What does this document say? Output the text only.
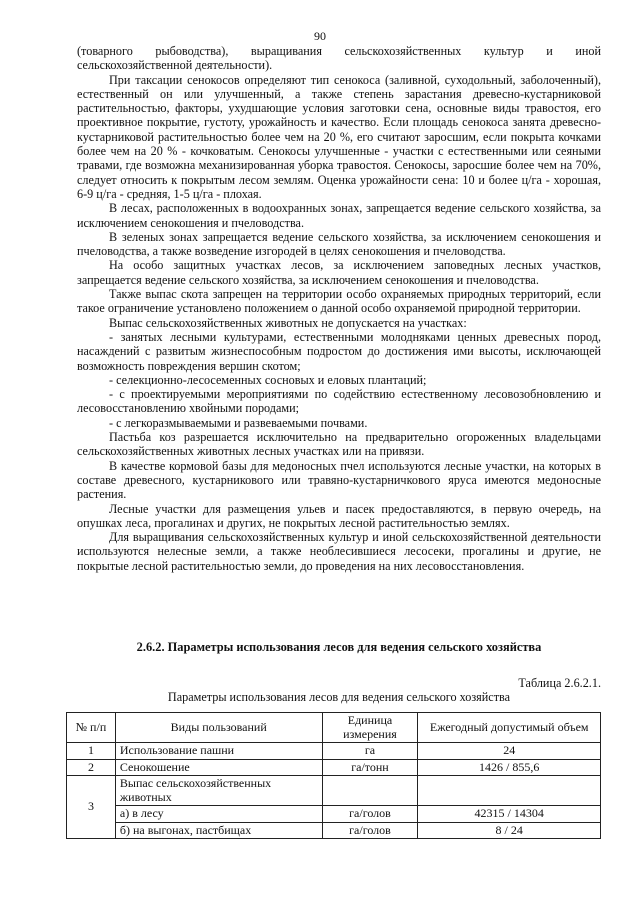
90

(товарного рыбоводства), выращивания сельскохозяйственных культур и иной сельскохозяйственной деятельности).

При таксации сенокосов определяют тип сенокоса (заливной, суходольный, заболоченный), естественный он или улучшенный, а также степень зарастания древесно-кустарниковой растительностью, факторы, ухудшающие условия заготовки сена, основные виды травостоя, его проективное покрытие, густоту, урожайность и качество. Если площадь сенокоса занята древесно-кустарниковой растительностью более чем на 20 %, его считают заросшим, если покрыта кочками более чем на 20 % - кочковатым. Сенокосы улучшенные - участки с естественными или сеяными травами, где возможна механизированная уборка травостоя. Сенокосы, заросшие более чем на 70%, следует относить к покрытым лесом землям. Оценка урожайности сена: 10 и более ц/га - хорошая, 6-9 ц/га - средняя, 1-5 ц/га - плохая.

В лесах, расположенных в водоохранных зонах, запрещается ведение сельского хозяйства, за исключением сенокошения и пчеловодства.

В зеленых зонах запрещается ведение сельского хозяйства, за исключением сенокошения и пчеловодства, а также возведение изгородей в целях сенокошения и пчеловодства.

На особо защитных участках лесов, за исключением заповедных лесных участков, запрещается ведение сельского хозяйства, за исключением сенокошения и пчеловодства.

Также выпас скота запрещен на территории особо охраняемых природных территорий, если такое ограничение установлено положением о данной особо охраняемой природной территории.

Выпас сельскохозяйственных животных не допускается на участках:

- занятых лесными культурами, естественными молодняками ценных древесных пород, насаждений с развитым жизнеспособным подростом до достижения ими высоты, исключающей возможность повреждения вершин скотом;

- селекционно-лесосеменных сосновых и еловых плантаций;

- с проектируемыми мероприятиями по содействию естественному лесовозобновлению и лесовосстановлению хвойными породами;

- с легкоразмываемыми и развеваемыми почвами.

Пастьба коз разрешается исключительно на предварительно огороженных владельцами сельскохозяйственных животных лесных участках или на привязи.

В качестве кормовой базы для медоносных пчел используются лесные участки, на которых в составе древесного, кустарникового или травяно-кустарничкового яруса имеются медоносные растения.

Лесные участки для размещения ульев и пасек предоставляются, в первую очередь, на опушках леса, прогалинах и других, не покрытых лесной растительностью землях.

Для выращивания сельскохозяйственных культур и иной сельскохозяйственной деятельности используются нелесные земли, а также необлесившиеся лесосеки, прогалины и другие, не покрытые лесной растительностью земли, до проведения на них лесовосстановления.

2.6.2. Параметры использования лесов для ведения сельского хозяйства
Таблица 2.6.2.1.
Параметры использования лесов для ведения сельского хозяйства
№ п/п	Виды пользований	Единица измерения	Ежегодный допустимый объем
1	Использование пашни	га	24
2	Сенокошение	га/тонн	1426 / 855,6
3	Выпас сельскохозяйственных животных		
	а) в лесу	га/голов	42315 / 14304
	б) на выгонах, пастбищах	га/голов	8 / 24
